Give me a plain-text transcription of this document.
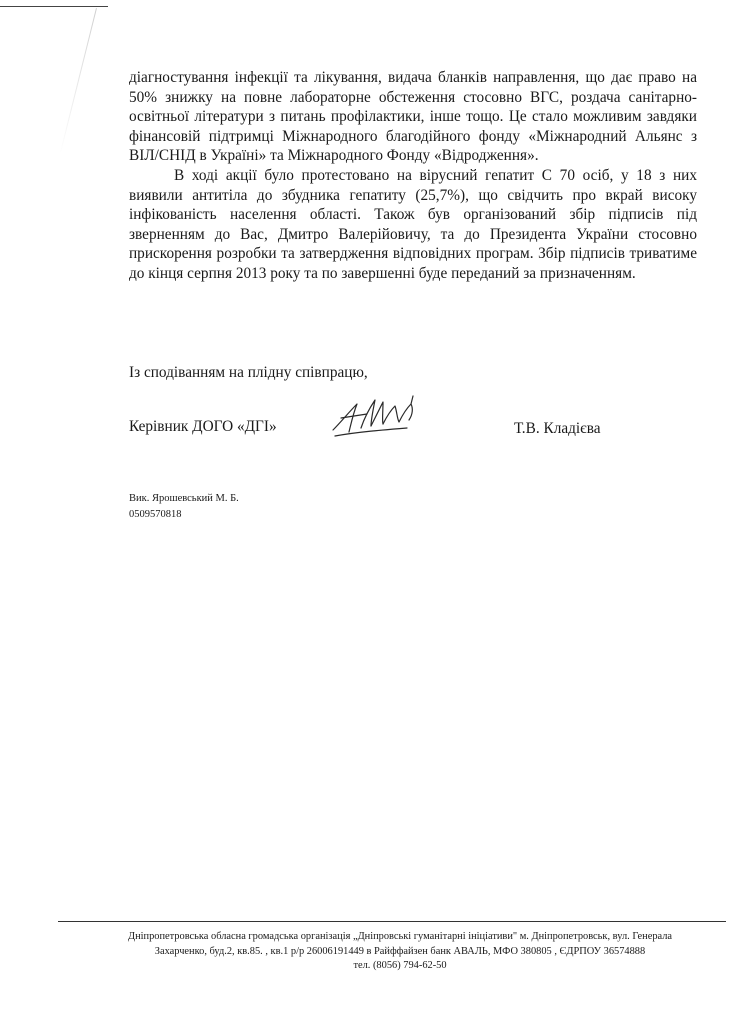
діагностування інфекції та лікування, видача бланків направлення, що дає право на 50% знижку на повне лабораторне обстеження стосовно ВГС, роздача санітарно-освітньої літератури з питань профілактики, інше тощо. Це стало можливим завдяки фінансовій підтримці Міжнародного благодійного фонду «Міжнародний Альянс з ВІЛ/СНІД в Україні» та Міжнародного Фонду «Відродження».

В ході акції було протестовано на вірусний гепатит С 70 осіб, у 18 з них виявили антитіла до збудника гепатиту (25,7%), що свідчить про вкрай високу інфікованість населення області. Також був організований збір підписів під зверненням до Вас, Дмитро Валерійовичу, та до Президента України стосовно прискорення розробки та затвердження відповідних програм. Збір підписів триватиме до кінця серпня 2013 року та по завершенні буде переданий за призначенням.

Із сподіванням на плідну співпрацю,
Керівник ДОГО «ДГІ»	Т.В. Кладієва
Вик. Ярошевський М. Б.
0509570818
Дніпропетровська обласна громадська організація „Дніпровські гуманітарні ініціативи" м. Дніпропетровськ, вул. Генерала
Захарченко, буд.2, кв.85. , кв.1 р/р 26006191449 в Райффайзен банк АВАЛЬ, МФО 380805 , ЄДРПОУ 36574888
тел. (8056) 794-62-50
